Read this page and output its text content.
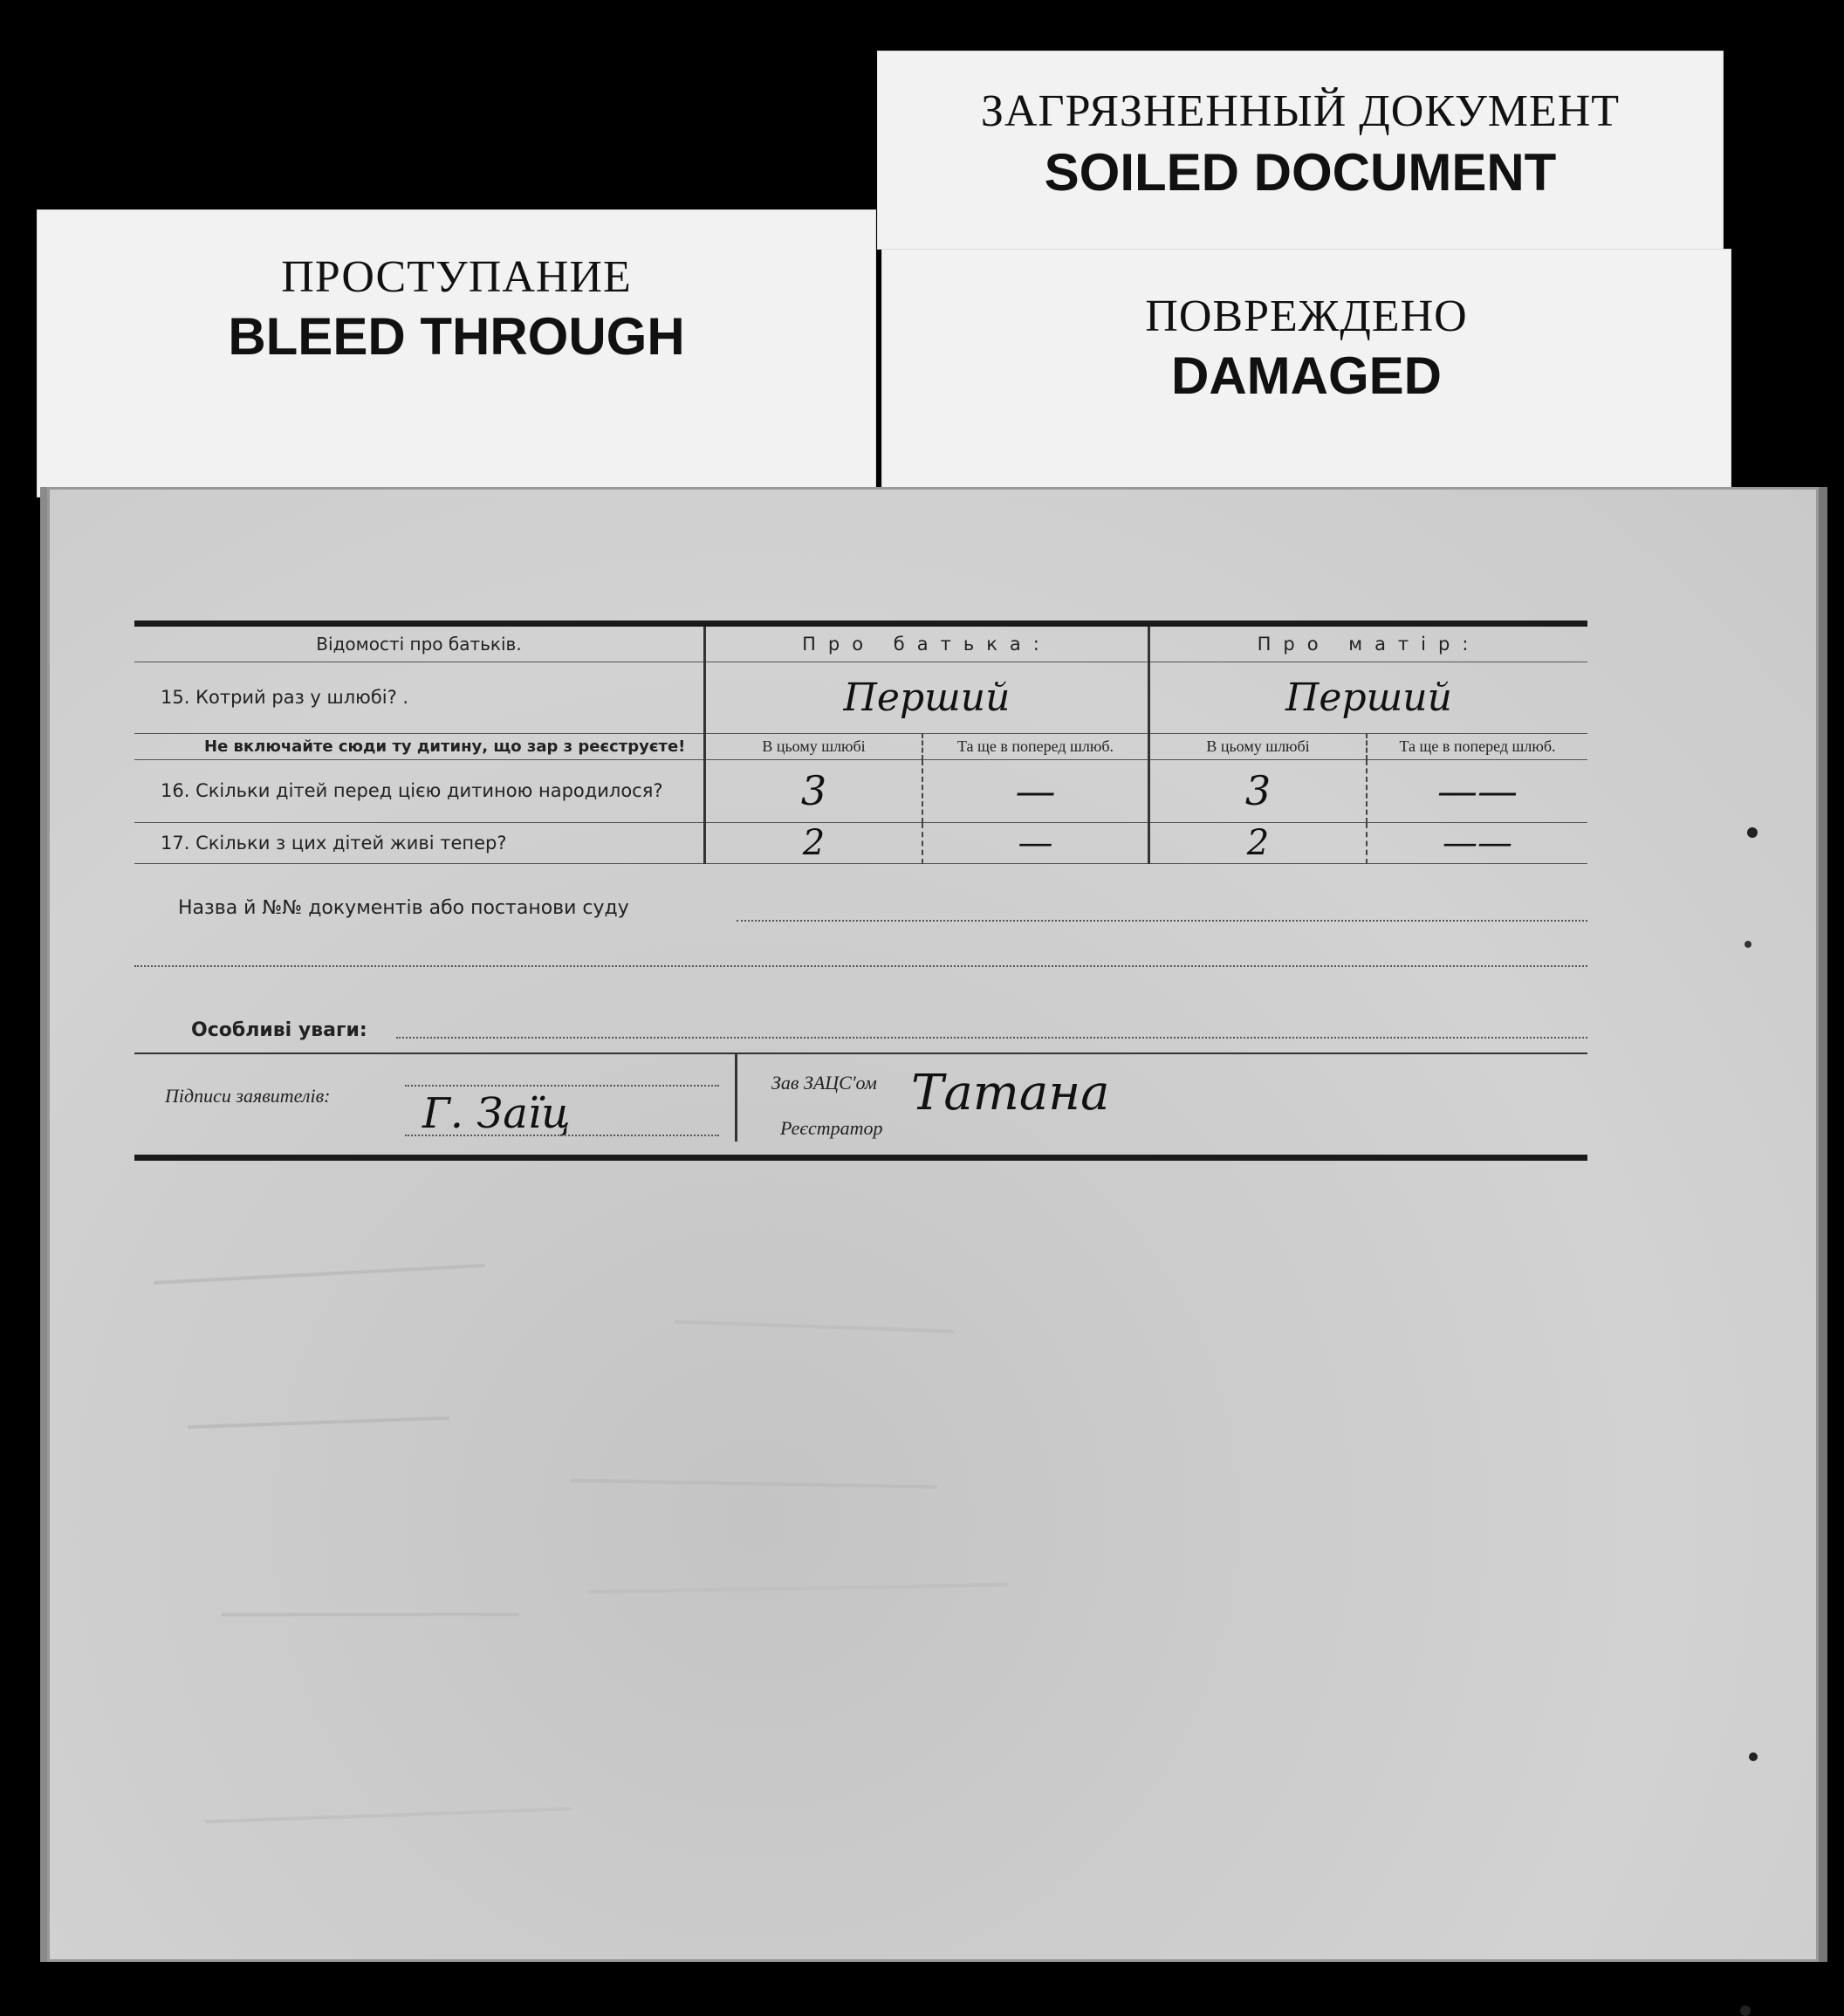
ЗАГРЯЗНЕННЫЙ ДОКУМЕНТ
SOILED DOCUMENT
ПРОСТУПАНИЕ
BLEED THROUGH	ПОВРЕЖДЕНО
DAMAGED
Відомості про батьків.	Про батька:		Про матір:	
15. Котрий раз у шлюбі? .	Перший		Перший	
Не включайте сюди ту дитину, що зар з реєструєте!	В цьому шлюбі	Та ще в поперед шлюб.	В цьому шлюбі	Та ще в поперед шлюб.
16. Скільки дітей перед цією дитиною народилося?	3	—	3	——
17. Скільки з цих дітей живі тепер?	2	—	2	——
Назва й №№ документів або постанови суду
Особливі уваги:
Підписи заявителів: Г. Заїц
Зав ЗАЦС'ом
Реєстратор
Татана
